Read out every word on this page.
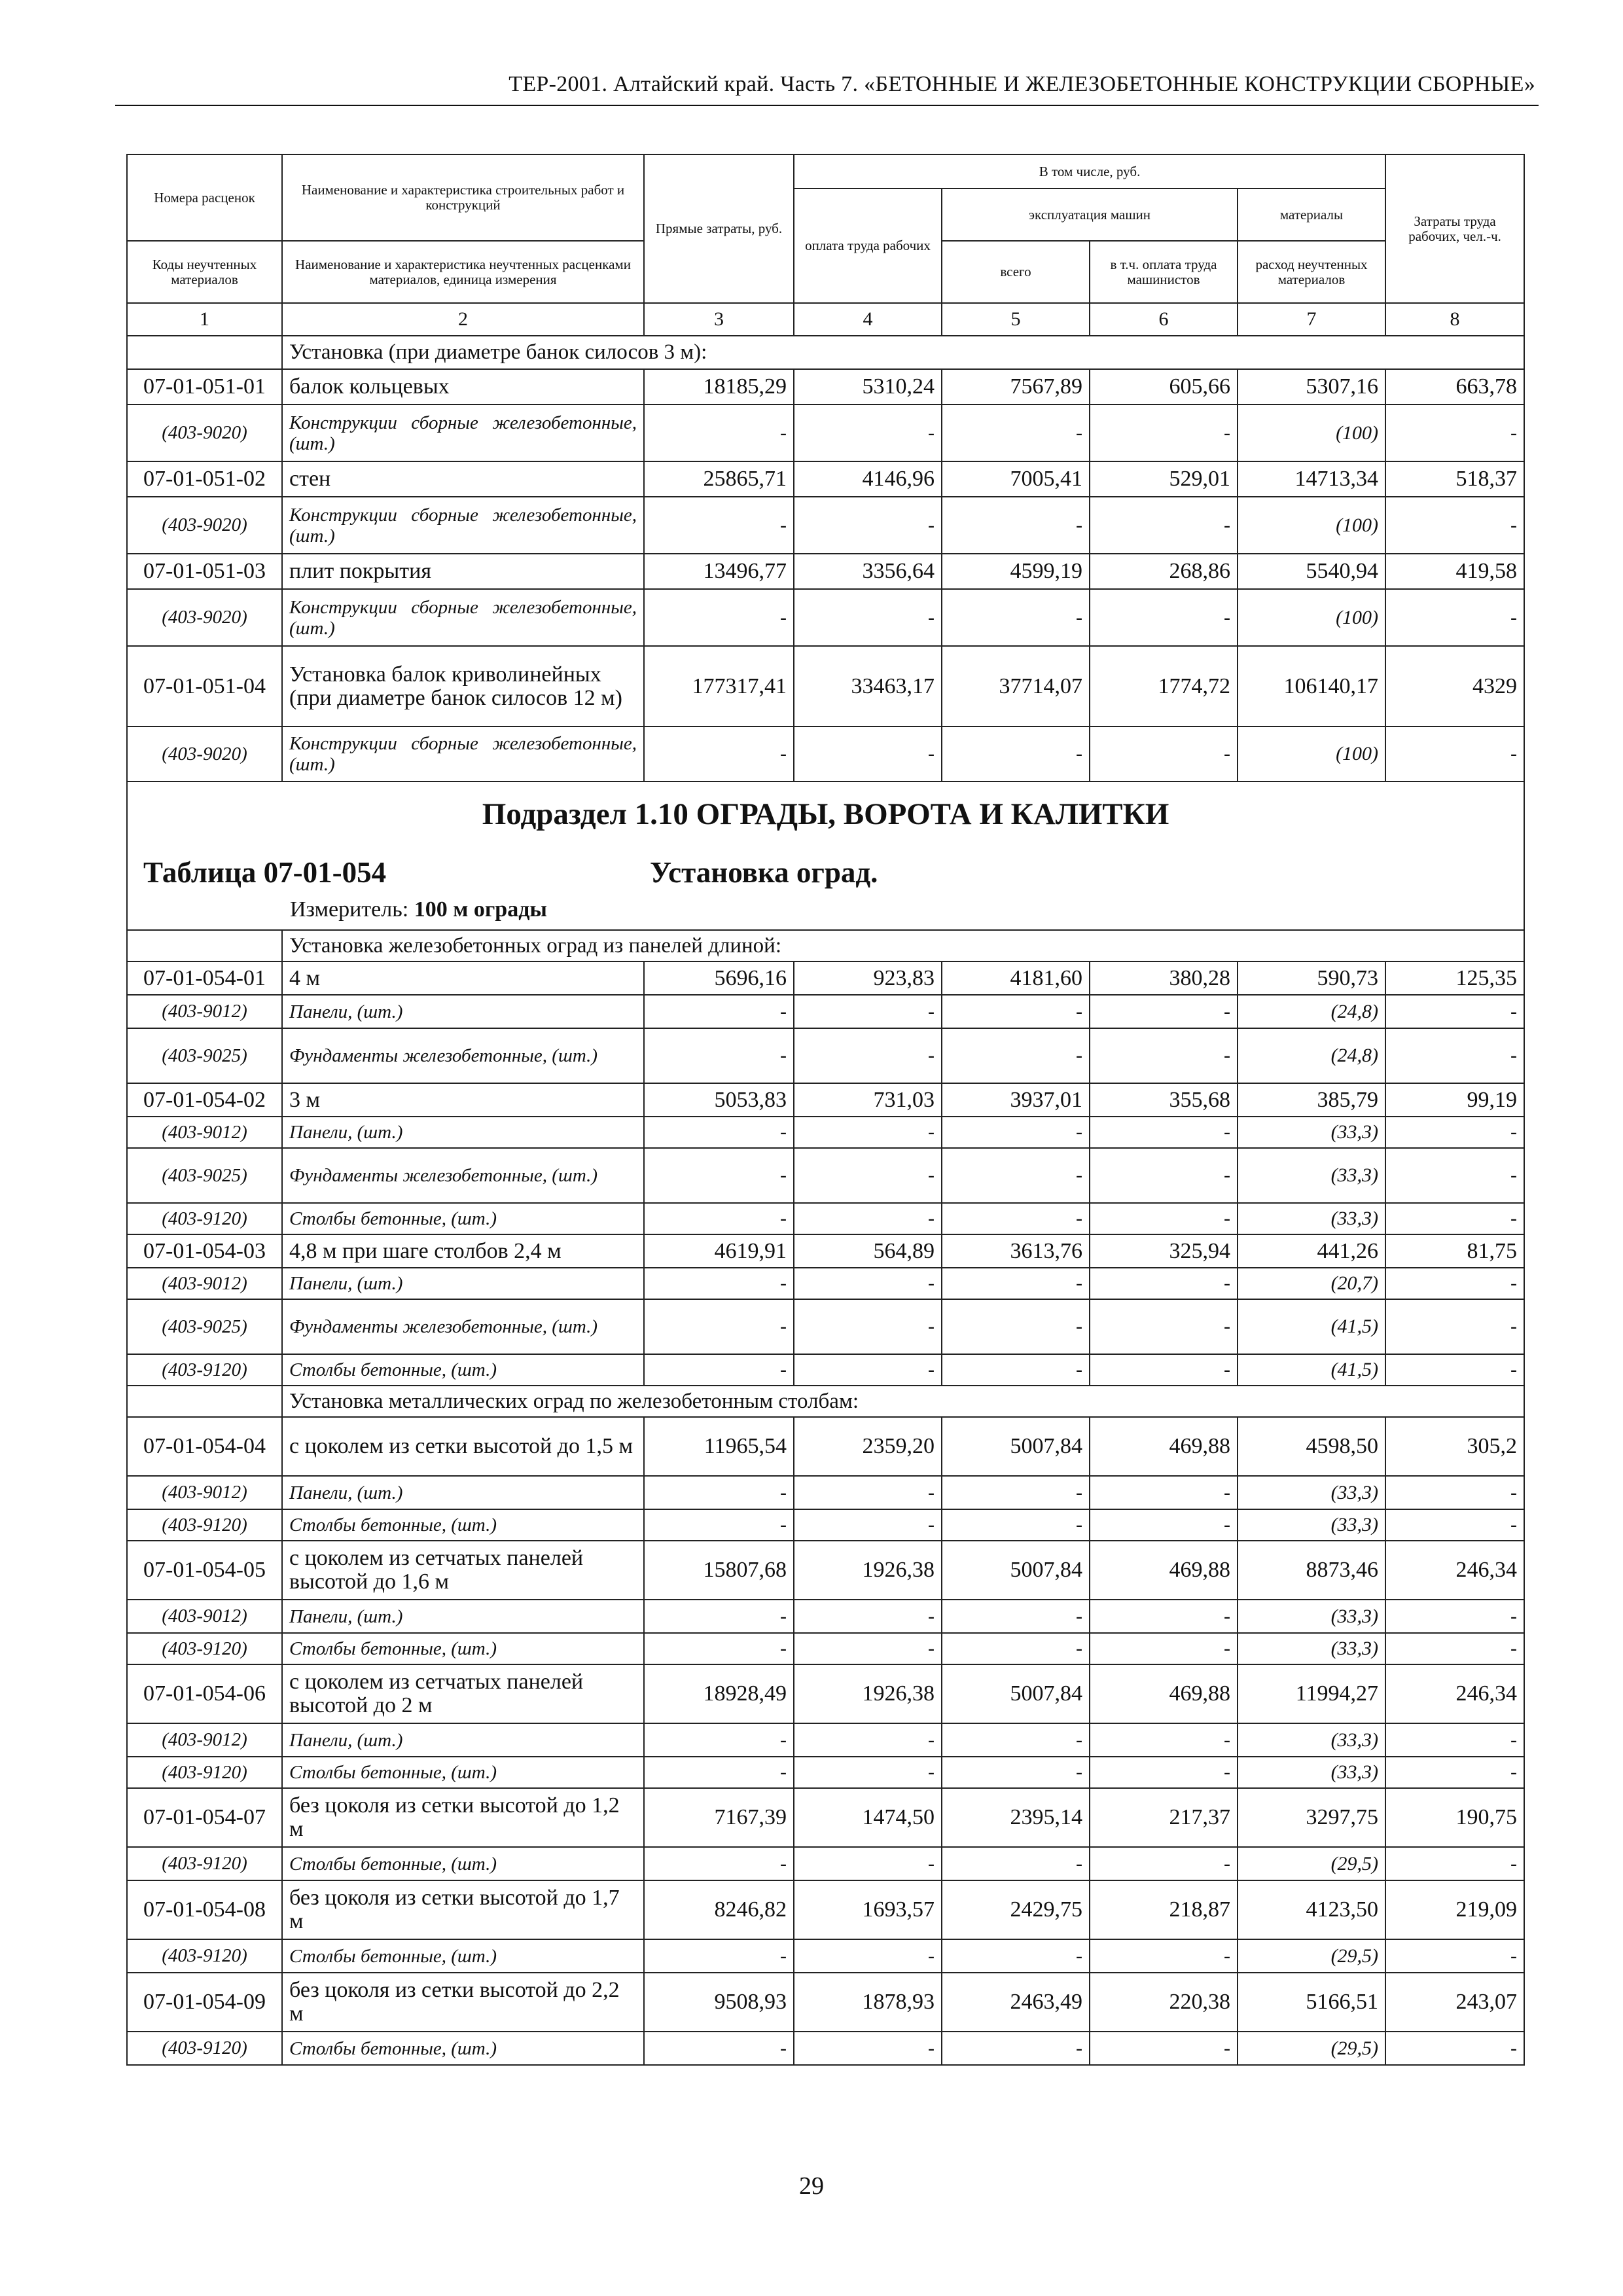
ТЕР-2001. Алтайский край. Часть 7. «БЕТОННЫЕ И ЖЕЛЕЗОБЕТОННЫЕ КОНСТРУКЦИИ СБОРНЫЕ»
Номера расценок	Наименование и характеристика строительных работ и конструкций	Прямые затраты, руб.	В том числе, руб.				Затраты труда рабочих, чел.-ч.
			оплата труда рабочих	эксплуатация машин		материалы	
Коды неучтенных материалов	Наименование и характеристика неучтенных расценками материалов, единица измерения			всего	в т.ч. оплата труда машинистов	расход неучтенных материалов	
1	2	3	4	5	6	7	8
	Установка (при диаметре банок силосов 3 м):						
07-01-051-01	балок кольцевых	18185,29	5310,24	7567,89	605,66	5307,16	663,78
(403-9020)	Конструкции сборные железобетонные, (шт.)	-	-	-	-	(100)	-
07-01-051-02	стен	25865,71	4146,96	7005,41	529,01	14713,34	518,37
(403-9020)	Конструкции сборные железобетонные, (шт.)	-	-	-	-	(100)	-
07-01-051-03	плит покрытия	13496,77	3356,64	4599,19	268,86	5540,94	419,58
(403-9020)	Конструкции сборные железобетонные, (шт.)	-	-	-	-	(100)	-
07-01-051-04	Установка балок криволинейных (при диаметре банок силосов 12 м)	177317,41	33463,17	37714,07	1774,72	106140,17	4329
(403-9020)	Конструкции сборные железобетонные, (шт.)	-	-	-	-	(100)	-

Подраздел 1.10 ОГРАДЫ, ВОРОТА И КАЛИТКИ
Таблица 07-01-054 Установка оград.
Измеритель: 100 м ограды							

	Установка железобетонных оград из панелей длиной:						
07-01-054-01	4 м	5696,16	923,83	4181,60	380,28	590,73	125,35
(403-9012)	Панели, (шт.)	-	-	-	-	(24,8)	-
(403-9025)	Фундаменты железобетонные, (шт.)	-	-	-	-	(24,8)	-
07-01-054-02	3 м	5053,83	731,03	3937,01	355,68	385,79	99,19
(403-9012)	Панели, (шт.)	-	-	-	-	(33,3)	-
(403-9025)	Фундаменты железобетонные, (шт.)	-	-	-	-	(33,3)	-
(403-9120)	Столбы бетонные, (шт.)	-	-	-	-	(33,3)	-
07-01-054-03	4,8 м при шаге столбов 2,4 м	4619,91	564,89	3613,76	325,94	441,26	81,75
(403-9012)	Панели, (шт.)	-	-	-	-	(20,7)	-
(403-9025)	Фундаменты железобетонные, (шт.)	-	-	-	-	(41,5)	-
(403-9120)	Столбы бетонные, (шт.)	-	-	-	-	(41,5)	-
	Установка металлических оград по железобетонным столбам:						
07-01-054-04	с цоколем из сетки высотой до 1,5 м	11965,54	2359,20	5007,84	469,88	4598,50	305,2
(403-9012)	Панели, (шт.)	-	-	-	-	(33,3)	-
(403-9120)	Столбы бетонные, (шт.)	-	-	-	-	(33,3)	-
07-01-054-05	с цоколем из сетчатых панелей высотой до 1,6 м	15807,68	1926,38	5007,84	469,88	8873,46	246,34
(403-9012)	Панели, (шт.)	-	-	-	-	(33,3)	-
(403-9120)	Столбы бетонные, (шт.)	-	-	-	-	(33,3)	-
07-01-054-06	с цоколем из сетчатых панелей высотой до 2 м	18928,49	1926,38	5007,84	469,88	11994,27	246,34
(403-9012)	Панели, (шт.)	-	-	-	-	(33,3)	-
(403-9120)	Столбы бетонные, (шт.)	-	-	-	-	(33,3)	-
07-01-054-07	без цоколя из сетки высотой до 1,2 м	7167,39	1474,50	2395,14	217,37	3297,75	190,75
(403-9120)	Столбы бетонные, (шт.)	-	-	-	-	(29,5)	-
07-01-054-08	без цоколя из сетки высотой до 1,7 м	8246,82	1693,57	2429,75	218,87	4123,50	219,09
(403-9120)	Столбы бетонные, (шт.)	-	-	-	-	(29,5)	-
07-01-054-09	без цоколя из сетки высотой до 2,2 м	9508,93	1878,93	2463,49	220,38	5166,51	243,07
(403-9120)	Столбы бетонные, (шт.)	-	-	-	-	(29,5)	-
29
